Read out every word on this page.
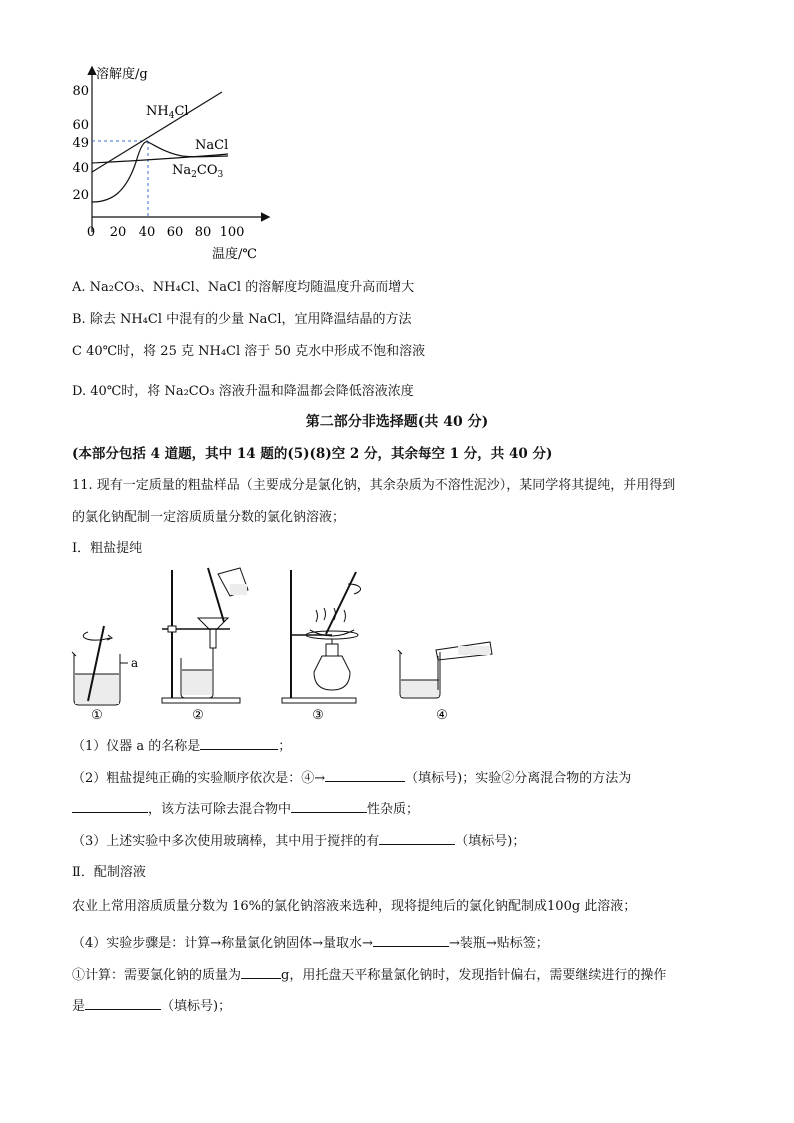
溶解度/g
温度/℃
80
60
49
40
20
0 20 40 60 80 100
$NH_4Cl$
NaCl
$Na_2CO_3$
A. Na₂CO₃、NH₄Cl、NaCl 的溶解度均随温度升高而增大
B. 除去 NH₄Cl 中混有的少量 NaCl，宜用降温结晶的方法
C 40℃时，将 25 克 NH₄Cl 溶于 50 克水中形成不饱和溶液
D. 40℃时，将 Na₂CO₃ 溶液升温和降温都会降低溶液浓度
第二部分非选择题(共 40 分)
(本部分包括 4 道题，其中 14 题的(5)(8)空 2 分，其余每空 1 分，共 40 分)
11. 现有一定质量的粗盐样品（主要成分是氯化钠，其余杂质为不溶性泥沙），某同学将其提纯，并用得到
的氯化钠配制一定溶质质量分数的氯化钠溶液；
Ⅰ．粗盐提纯
a
①	②	③	④
（1）仪器 a 的名称是	；
（2）粗盐提纯正确的实验顺序依次是：④→	（填标号)；实验②分离混合物的方法为
，该方法可除去混合物中	性杂质；
（3）上述实验中多次使用玻璃棒，其中用于搅拌的有	（填标号)；
Ⅱ．配制溶液
农业上常用溶质质量分数为 16%的氯化钠溶液来选种，现将提纯后的氯化钠配制成100g 此溶液；
（4）实验步骤是：计算→称量氯化钠固体→量取水→	→装瓶→贴标签；
①计算：需要氯化钠的质量为	g，用托盘天平称量氯化钠时，发现指针偏右，需要继续进行的操作
是	（填标号)；
